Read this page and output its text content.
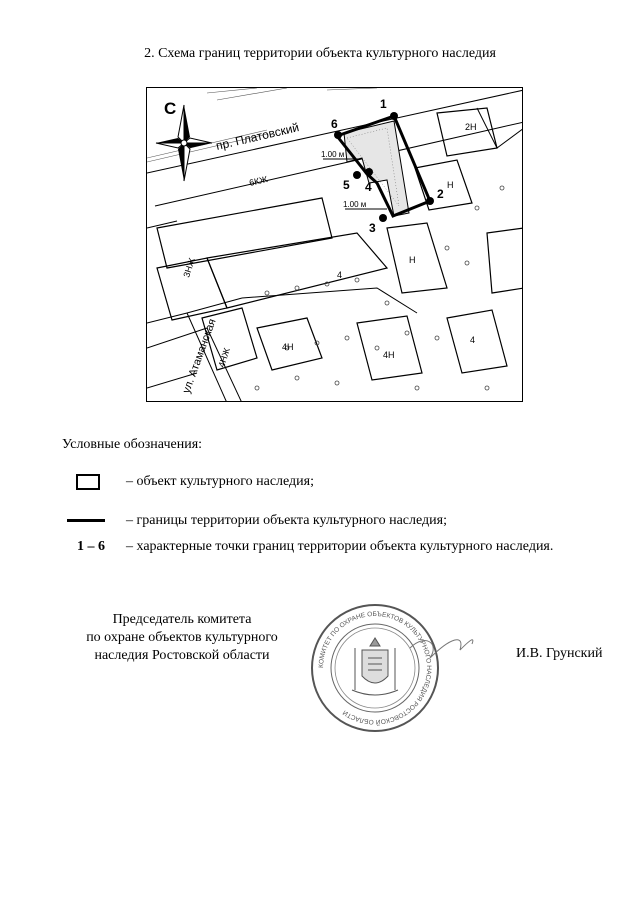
2. Схема границ территории объекта культурного наследия
С
пр. Платовский
ул. Атаманская
6КЖ
3НЖ
4НЖ
4
Н
Н
2Н
4Н
4Н
4
1
2
3
4
5
6
1.00 м
1.00 м
Условные обозначения:
– объект культурного наследия;
– границы территории объекта культурного наследия;
1 – 6	– характерные точки границ территории объекта культурного наследия.
Председатель комитета
по охране объектов культурного
наследия Ростовской области
КОМИТЕТ ПО ОХРАНЕ ОБЪЕКТОВ КУЛЬТУРНОГО НАСЛЕДИЯ РОСТОВСКОЙ ОБЛАСТИ
И.В. Грунский
